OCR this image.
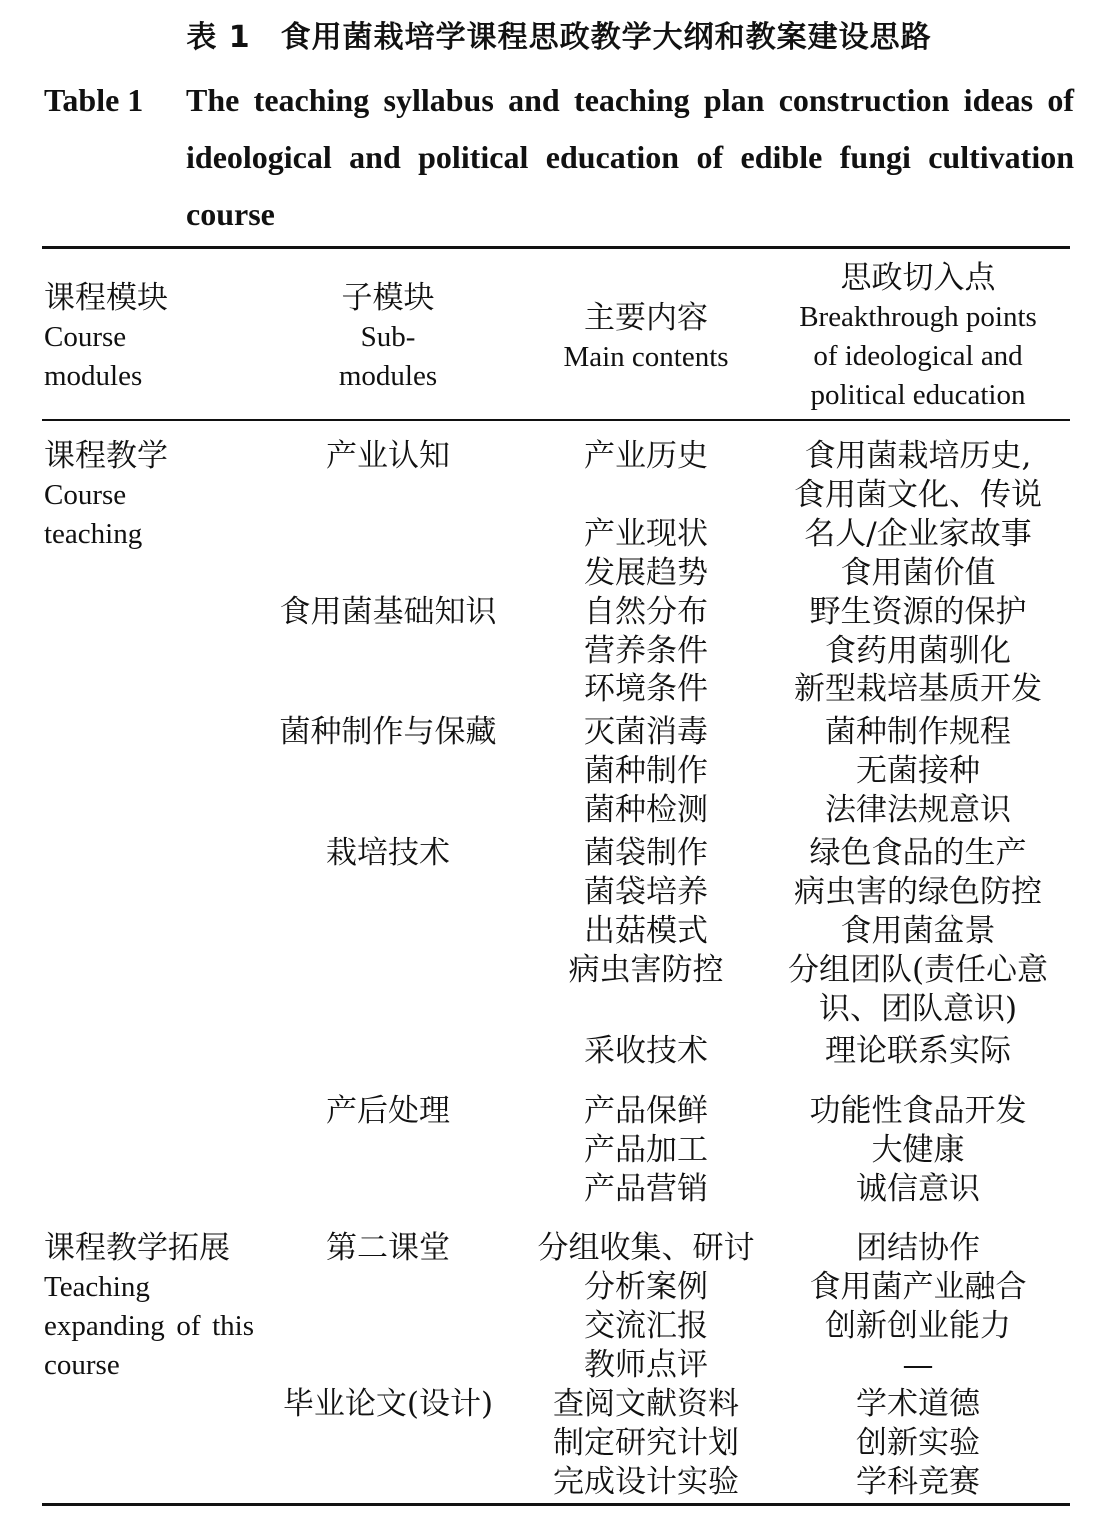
表 1 食用菌栽培学课程思政教学大纲和教案建设思路
Table 1 The teaching syllabus and teaching plan construction ideas of ideological and political education of edible fungi cultivation course
课程模块
Course
modules
子模块
Sub-
modules
主要内容
Main contents
思政切入点
Breakthrough points
of ideological and
political education
课程教学
Course
teaching
产业认知
食用菌基础知识
菌种制作与保藏
栽培技术
产后处理
课程教学拓展
Teaching expanding of this course
第二课堂
毕业论文(设计)
产业历史
产业现状
发展趋势
自然分布
营养条件
环境条件
灭菌消毒
菌种制作
菌种检测
菌袋制作
菌袋培养
出菇模式
病虫害防控
采收技术
产品保鲜
产品加工
产品营销
分组收集、研讨
分析案例
交流汇报
教师点评
查阅文献资料
制定研究计划
完成设计实验
食用菌栽培历史,
食用菌文化、传说
名人/企业家故事
食用菌价值
野生资源的保护
食药用菌驯化
新型栽培基质开发
菌种制作规程
无菌接种
法律法规意识
绿色食品的生产
病虫害的绿色防控
食用菌盆景
分组团队(责任心意
识、团队意识)
理论联系实际
功能性食品开发
大健康
诚信意识
团结协作
食用菌产业融合
创新创业能力
—
学术道德
创新实验
学科竞赛
